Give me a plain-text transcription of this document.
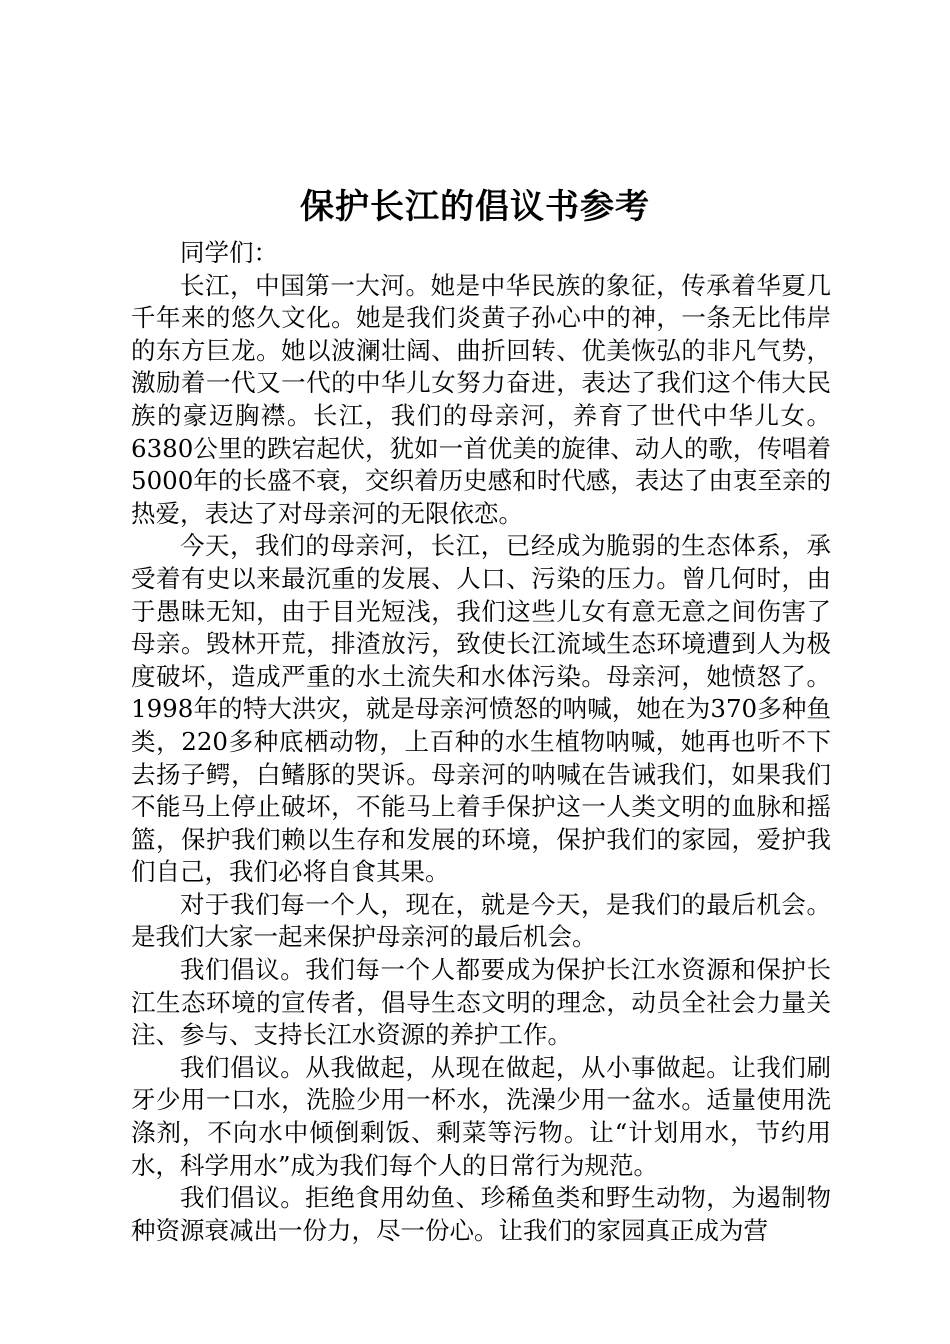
保护长江的倡议书参考

同学们：

长江，中国第一大河。她是中华民族的象征，传承着华夏几千年来的悠久文化。她是我们炎黄子孙心中的神，一条无比伟岸的东方巨龙。她以波澜壮阔、曲折回转、优美恢弘的非凡气势，激励着一代又一代的中华儿女努力奋进，表达了我们这个伟大民族的豪迈胸襟。长江，我们的母亲河，养育了世代中华儿女。6380公里的跌宕起伏，犹如一首优美的旋律、动人的歌，传唱着5000年的长盛不衰，交织着历史感和时代感，表达了由衷至亲的热爱，表达了对母亲河的无限依恋。

今天，我们的母亲河，长江，已经成为脆弱的生态体系，承受着有史以来最沉重的发展、人口、污染的压力。曾几何时，由于愚昧无知，由于目光短浅，我们这些儿女有意无意之间伤害了母亲。毁林开荒，排渣放污，致使长江流域生态环境遭到人为极度破坏，造成严重的水土流失和水体污染。母亲河，她愤怒了。1998年的特大洪灾，就是母亲河愤怒的呐喊，她在为370多种鱼类，220多种底栖动物，上百种的水生植物呐喊，她再也听不下去扬子鳄，白鳍豚的哭诉。母亲河的呐喊在告诫我们，如果我们不能马上停止破坏，不能马上着手保护这一人类文明的血脉和摇篮，保护我们赖以生存和发展的环境，保护我们的家园，爱护我们自己，我们必将自食其果。

对于我们每一个人，现在，就是今天，是我们的最后机会。是我们大家一起来保护母亲河的最后机会。

我们倡议。我们每一个人都要成为保护长江水资源和保护长江生态环境的宣传者，倡导生态文明的理念，动员全社会力量关注、参与、支持长江水资源的养护工作。

我们倡议。从我做起，从现在做起，从小事做起。让我们刷牙少用一口水，洗脸少用一杯水，洗澡少用一盆水。适量使用洗涤剂，不向水中倾倒剩饭、剩菜等污物。让“计划用水，节约用水，科学用水”成为我们每个人的日常行为规范。

我们倡议。拒绝食用幼鱼、珍稀鱼类和野生动物，为遏制物种资源衰减出一份力，尽一份心。让我们的家园真正成为营
